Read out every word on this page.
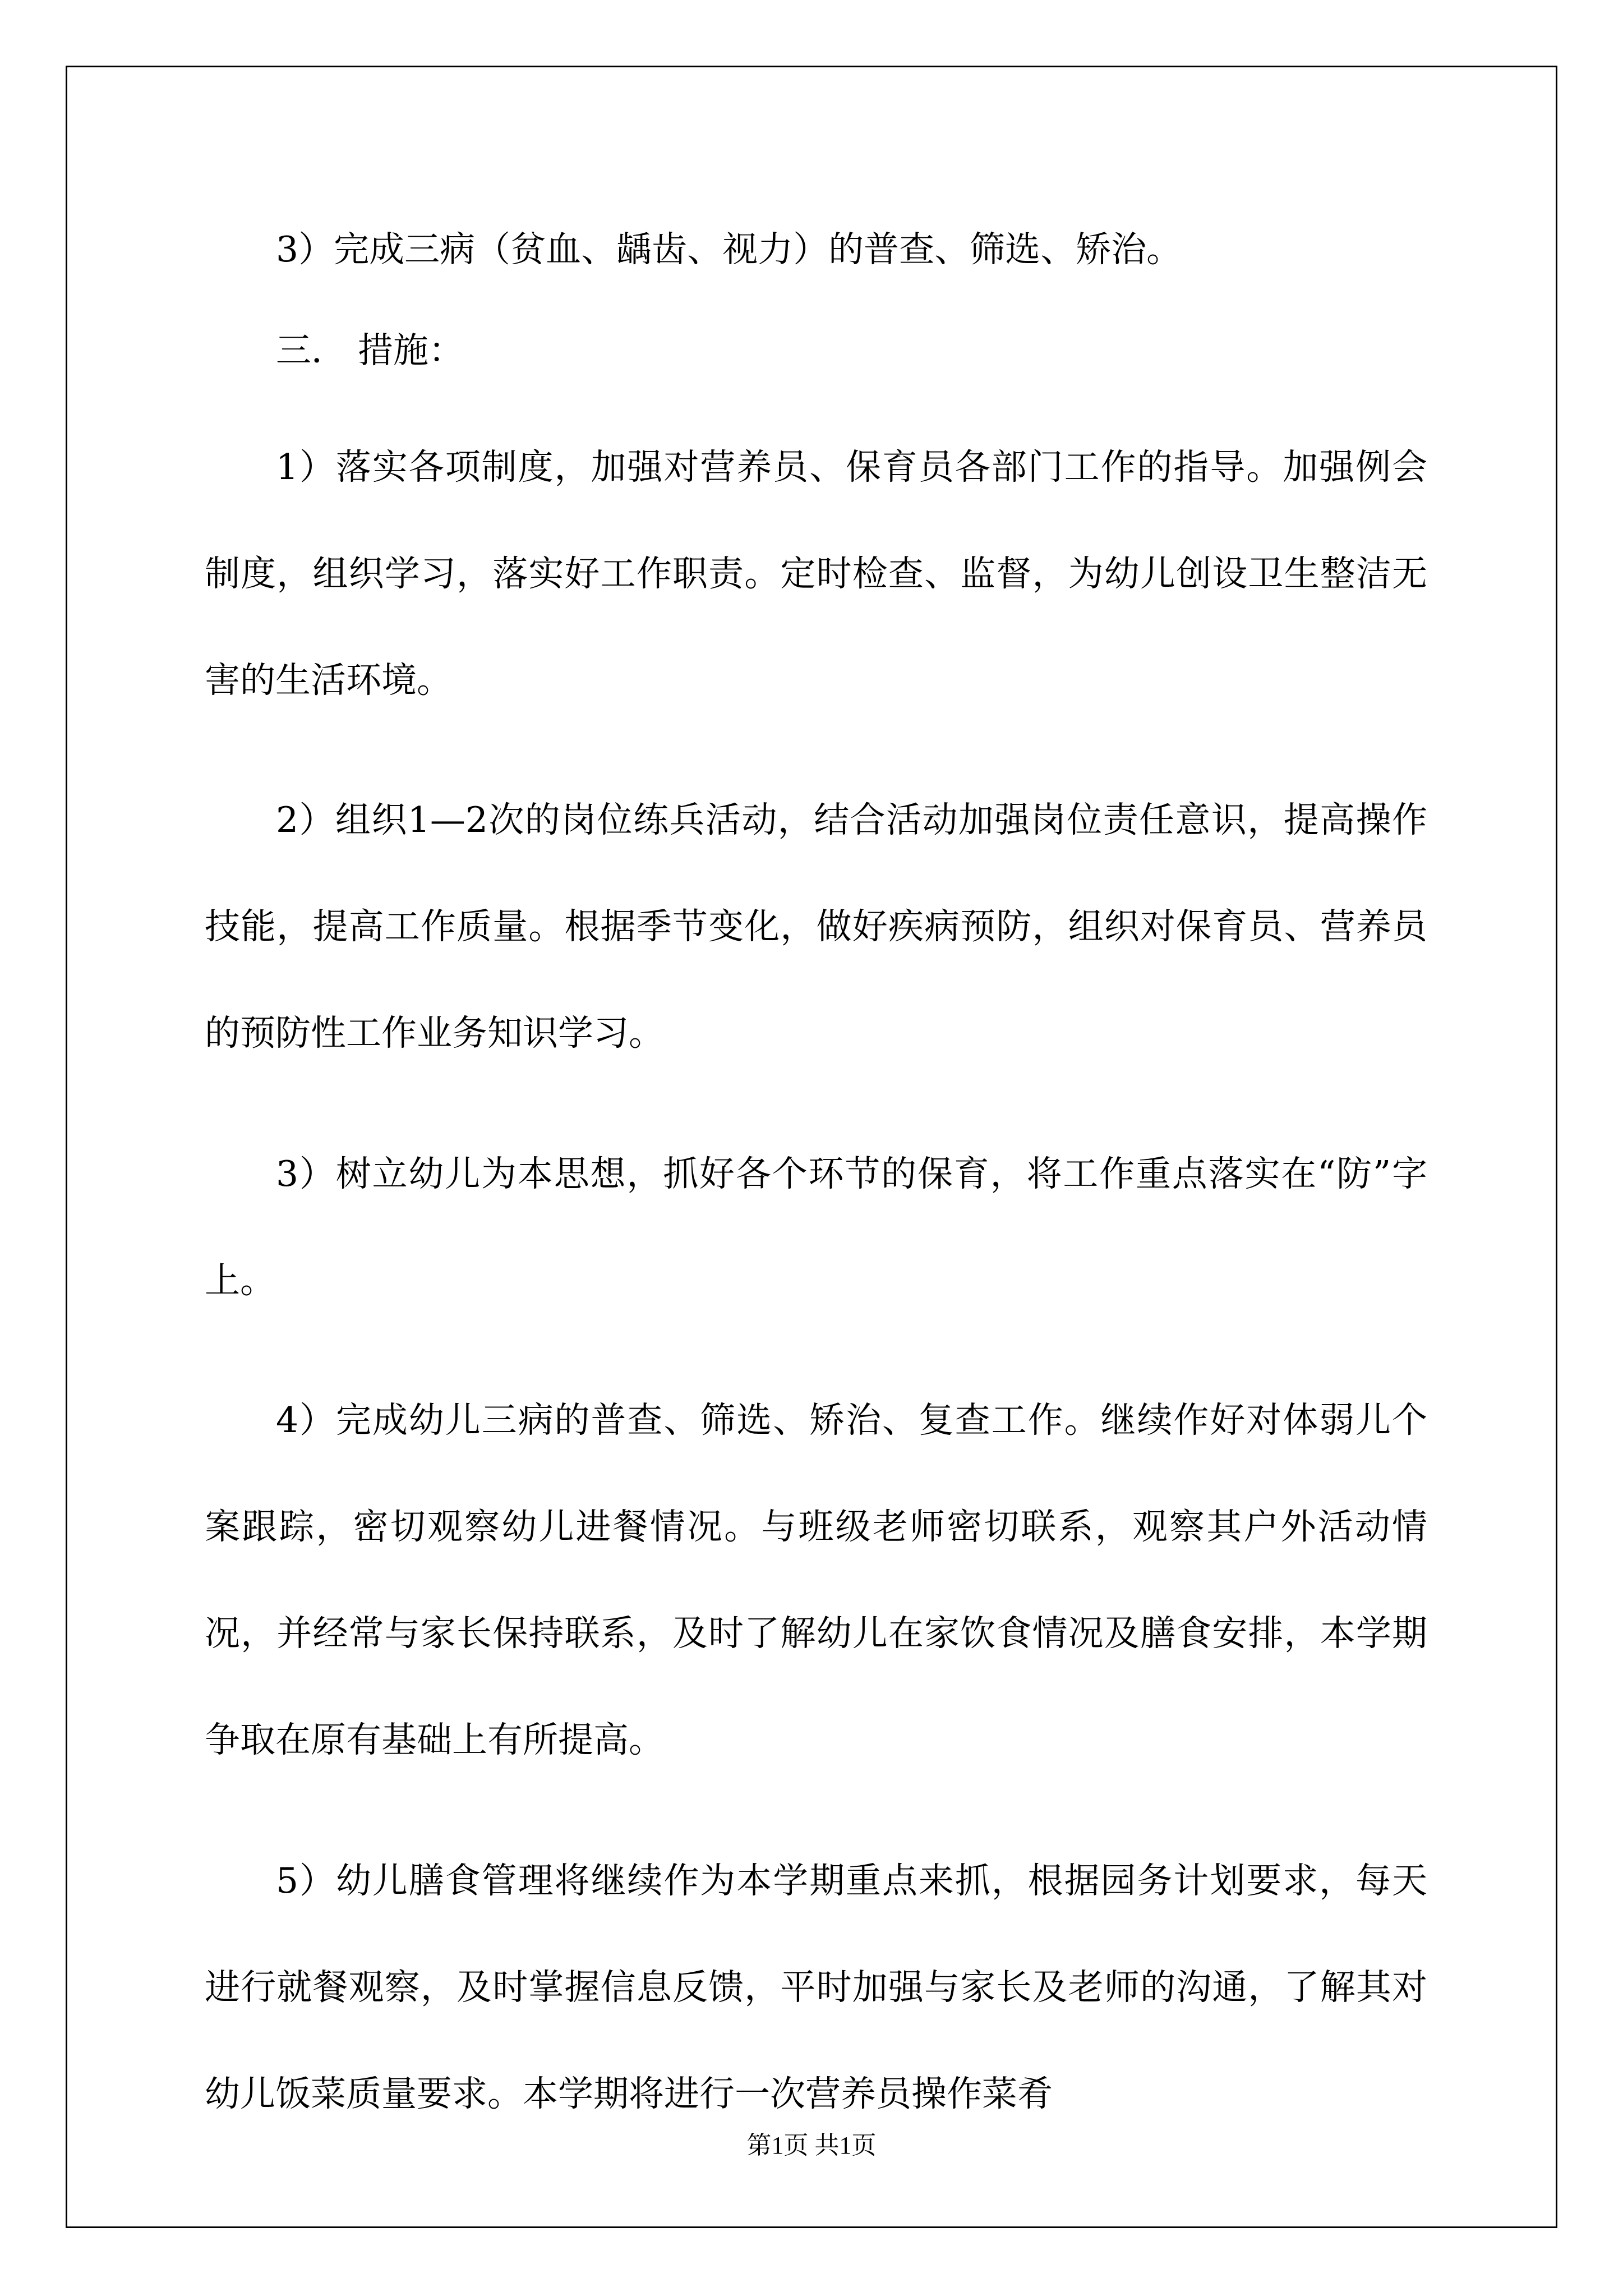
3）完成三病（贫血、龋齿、视力）的普查、筛选、矫治。

三． 措施：

1）落实各项制度，加强对营养员、保育员各部门工作的指导。加强例会制度，组织学习，落实好工作职责。定时检查、监督，为幼儿创设卫生整洁无害的生活环境。

2）组织1—2次的岗位练兵活动，结合活动加强岗位责任意识，提高操作技能，提高工作质量。根据季节变化，做好疾病预防，组织对保育员、营养员的预防性工作业务知识学习。

3）树立幼儿为本思想，抓好各个环节的保育，将工作重点落实在“防”字上。

4）完成幼儿三病的普查、筛选、矫治、复查工作。继续作好对体弱儿个案跟踪，密切观察幼儿进餐情况。与班级老师密切联系，观察其户外活动情况，并经常与家长保持联系，及时了解幼儿在家饮食情况及膳食安排，本学期争取在原有基础上有所提高。

5）幼儿膳食管理将继续作为本学期重点来抓，根据园务计划要求，每天进行就餐观察，及时掌握信息反馈，平时加强与家长及老师的沟通，了解其对幼儿饭菜质量要求。本学期将进行一次营养员操作菜肴

第1页 共1页
